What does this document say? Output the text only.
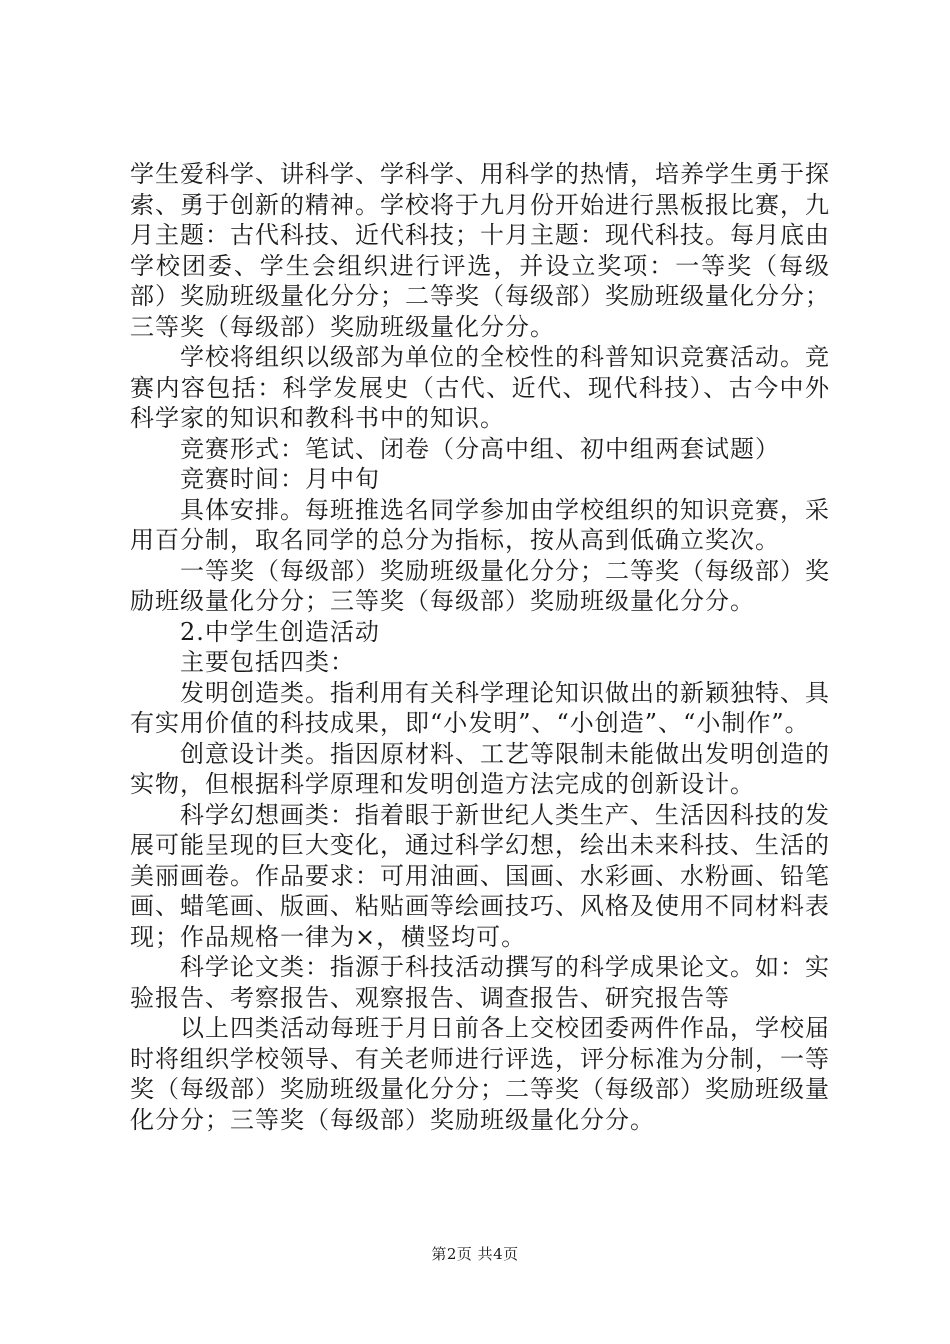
学生爱科学、讲科学、学科学、用科学的热情，培养学生勇于探索、勇于创新的精神。学校将于九月份开始进行黑板报比赛，九月主题：古代科技、近代科技；十月主题：现代科技。每月底由学校团委、学生会组织进行评选，并设立奖项：一等奖（每级部）奖励班级量化分分；二等奖（每级部）奖励班级量化分分；三等奖（每级部）奖励班级量化分分。

学校将组织以级部为单位的全校性的科普知识竞赛活动。竞赛内容包括：科学发展史（古代、近代、现代科技）、古今中外科学家的知识和教科书中的知识。

竞赛形式：笔试、闭卷（分高中组、初中组两套试题）

竞赛时间：月中旬

具体安排。每班推选名同学参加由学校组织的知识竞赛，采用百分制，取名同学的总分为指标，按从高到低确立奖次。

一等奖（每级部）奖励班级量化分分；二等奖（每级部）奖励班级量化分分；三等奖（每级部）奖励班级量化分分。

2.中学生创造活动

主要包括四类：

发明创造类。指利用有关科学理论知识做出的新颖独特、具有实用价值的科技成果，即“小发明”、“小创造”、“小制作”。

创意设计类。指因原材料、工艺等限制未能做出发明创造的实物，但根据科学原理和发明创造方法完成的创新设计。

科学幻想画类：指着眼于新世纪人类生产、生活因科技的发展可能呈现的巨大变化，通过科学幻想，绘出未来科技、生活的美丽画卷。作品要求：可用油画、国画、水彩画、水粉画、铅笔画、蜡笔画、版画、粘贴画等绘画技巧、风格及使用不同材料表现；作品规格一律为×，横竖均可。

科学论文类：指源于科技活动撰写的科学成果论文。如：实验报告、考察报告、观察报告、调查报告、研究报告等

以上四类活动每班于月日前各上交校团委两件作品，学校届时将组织学校领导、有关老师进行评选，评分标准为分制，一等奖（每级部）奖励班级量化分分；二等奖（每级部）奖励班级量化分分；三等奖（每级部）奖励班级量化分分。

第2页 共4页
